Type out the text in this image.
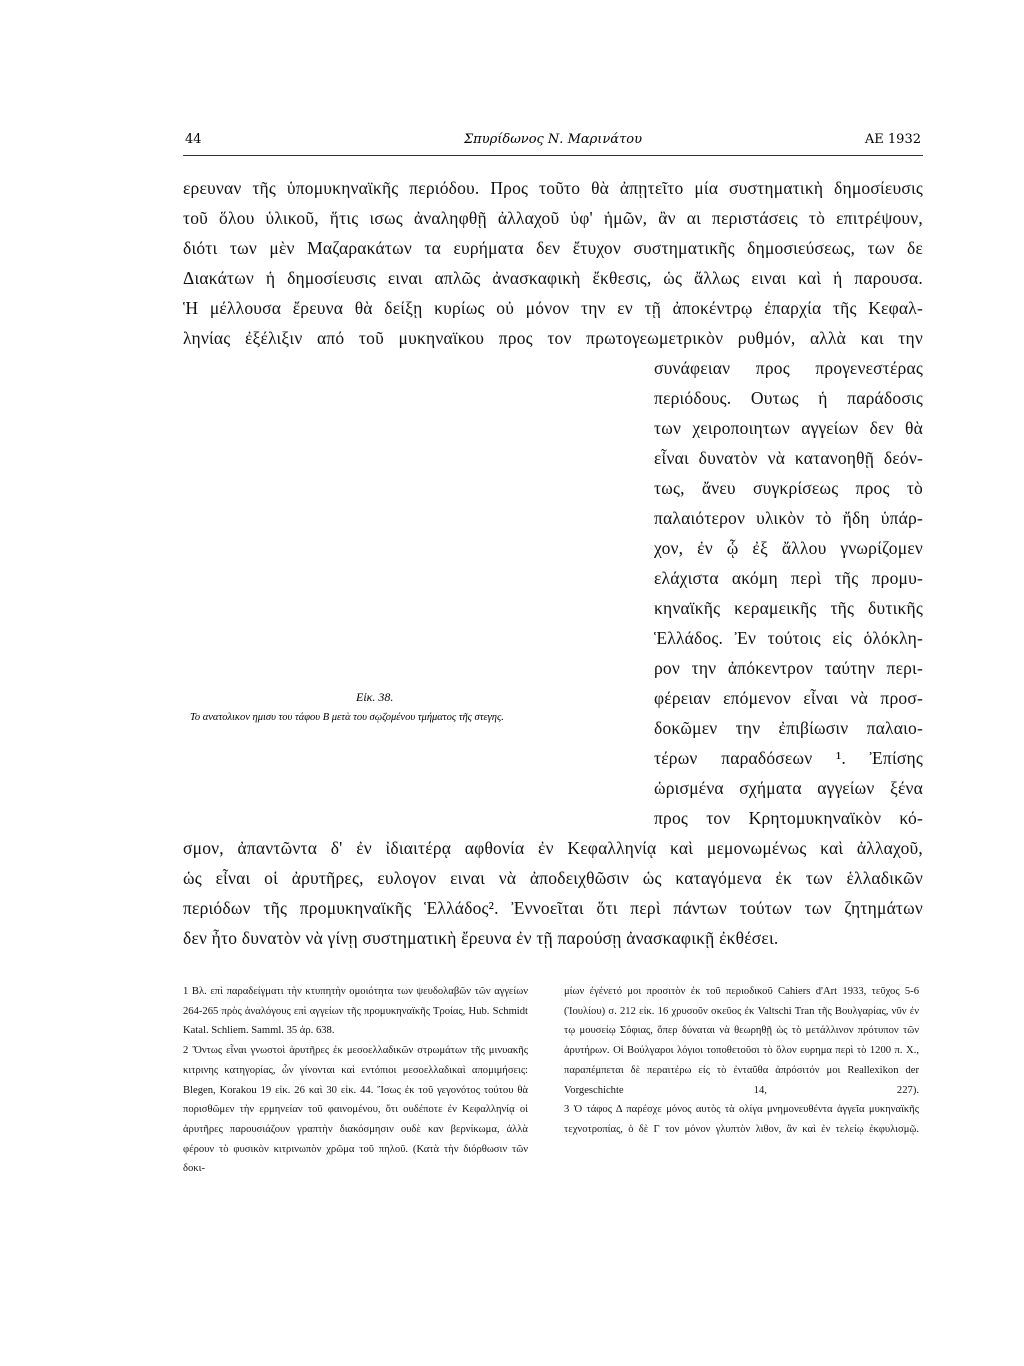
44	Σπυρίδωνος Ν. Μαρινάτου	ΑΕ 1932
ερευναν τῆς ὑπομυκηναϊκῆς περιόδου. Προς τοῦτο θὰ ἀπῃτεῖτο μία συστηματικὴ δημοσίευσις
τοῦ ὅλου ὑλικοῦ, ἥτις ισως ἀναληφθῇ ἀλλαχοῦ ὑφ' ἡμῶν, ἂν αι περιστάσεις τὸ επιτρέψουν,
διότι των μὲν Μαζαρακάτων τα ευρήματα δεν ἔτυχον συστηματικῆς δημοσιεύσεως, των δε
Διακάτων ἡ δημοσίευσις ειναι απλῶς ἀνασκαφικὴ ἔκθεσις, ὡς ἄλλως ειναι καὶ ἡ παρουσα.
Ἡ μέλλουσα ἔρευνα θὰ δείξῃ κυρίως οὐ μόνον την εν τῇ ἀποκέντρῳ ἐπαρχία τῆς Κεφαλ-
ληνίας ἐξέλιξιν από τοῦ μυκηναϊκου προς τον πρωτογεωμετρικὸν ρυθμόν, αλλὰ και την
συνάφειαν προς προγενεστέρας
περιόδους. Ουτως ἡ παράδοσις
των χειροποιητων αγγείων δεν θὰ
εἶναι δυνατὸν νὰ κατανοηθῇ δεόν-
τως, ἄνευ συγκρίσεως προς τὸ
παλαιότερον υλικὸν τὸ ἤδη ὑπάρ-
χον, ἐν ᾧ ἐξ ἄλλου γνωρίζομεν
ελάχιστα ακόμη περὶ τῆς προμυ-
κηναϊκῆς κεραμεικῆς τῆς δυτικῆς
Ἑλλάδος. Ἐν τούτοις εἰς ὁλόκλη-
ρον την ἀπόκεντρον ταύτην περι-
φέρειαν επόμενον εἶναι νὰ προσ-
δοκῶμεν την ἐπιβίωσιν παλαιο-
τέρων παραδόσεων ¹. Ἐπίσης
ὡρισμένα σχήματα αγγείων ξένα
προς τον Κρητομυκηναϊκὸν κό-
σμον, ἀπαντῶντα δ' ἐν ἰδιαιτέρᾳ αφθονία ἐν Κεφαλληνίᾳ καὶ μεμονωμένως καὶ ἀλλαχοῦ,
ὡς εἶναι οἱ ἀρυτῆρες, ευλογον ειναι νὰ ἀποδειχθῶσιν ὡς καταγόμενα ἐκ των ἑλλαδικῶν
περιόδων τῆς προμυκηναϊκῆς Ἑλλάδος². Ἐννοεῖται ὅτι περὶ πάντων τούτων των ζητημάτων
δεν ἦτο δυνατὸν νὰ γίνῃ συστηματικὴ ἔρευνα ἐν τῇ παρούσῃ ἀνασκαφικῇ ἐκθέσει.
Εἰκ. 38.
Το ανατολικον ημισυ του τάφου Β μετὰ του σῳζομένου τμήματος τῆς στεγης.

1 Βλ. επὶ παραδείγματι τὴν κτυπητὴν ομοιότητα των ψευδολαβῶν τῶν αγγείων 264-265 πρὸς ἀναλόγους επὶ αγγείων τῆς προμυκηναϊκῆς Τροίας, Hub. Schmidt Katal. Schliem. Samml. 35 ἀρ. 638.

2 Ὄντως εἶναι γνωστοὶ ἀρυτῆρες ἐκ μεσοελλαδικῶν στρωμάτων τῆς μινυακῆς κιτρινης κατηγορίας, ὧν γίνονται καὶ εντόπιοι μεσοελλαδικαὶ απομιμήσεις: Blegen, Korakou 19 εἰκ. 26 καὶ 30 εἰκ. 44. Ἴσως ἐκ τοῦ γεγονότος τούτου θὰ πορισθῶμεν τὴν ερμηνείαν τοῦ φαινομένου, ὅτι ουδέποτε ἐν Κεφαλληνίᾳ οἱ ἀρυτῆρες παρουσιάζουν γραπτὴν διακόσμησιν ουδὲ καν βερνίκωμα, ἀλλὰ φέρουν τὸ φυσικὸν κιτρινωπὸν χρῶμα τοῦ πηλοῦ. (Κατὰ τὴν διόρθωσιν τῶν δοκι-

μίων ἐγένετό μοι προσιτὸν ἐκ τοῦ περιοδικοῦ Cahiers d'Art 1933, τεῦχος 5-6 (Ἰουλίου) σ. 212 εἰκ. 16 χρυσοῦν σκεῦος ἐκ Valtschi Tran τῆς Βουλγαρίας, νῦν ἐν τῳ μουσείῳ Σόφιας, ὅπερ δύναται νὰ θεωρηθῇ ὡς τὸ μετάλλινον πρότυπον τῶν ἀρυτήρων. Οἱ Βούλγαροι λόγιοι τοποθετοῦσι τὸ ὅλον ευρημα περὶ τὸ 1200 π. Χ., παραπέμπεται δὲ περαιτέρω εἰς τὸ ἐνταῦθα ἀπρόσιτόν μοι Reallexikon der Vorgeschichte 14, 227).

3 Ὁ τάφος Δ παρέσχε μόνος αυτὸς τὰ ολίγα μνημονευθέντα ἀγγεῖα μυκηναϊκῆς τεχνοτροπίας, ὁ δὲ Γ τον μόνον γλυπτὸν λιθον, ἂν καὶ ἐν τελείῳ ἐκφυλισμῷ.
